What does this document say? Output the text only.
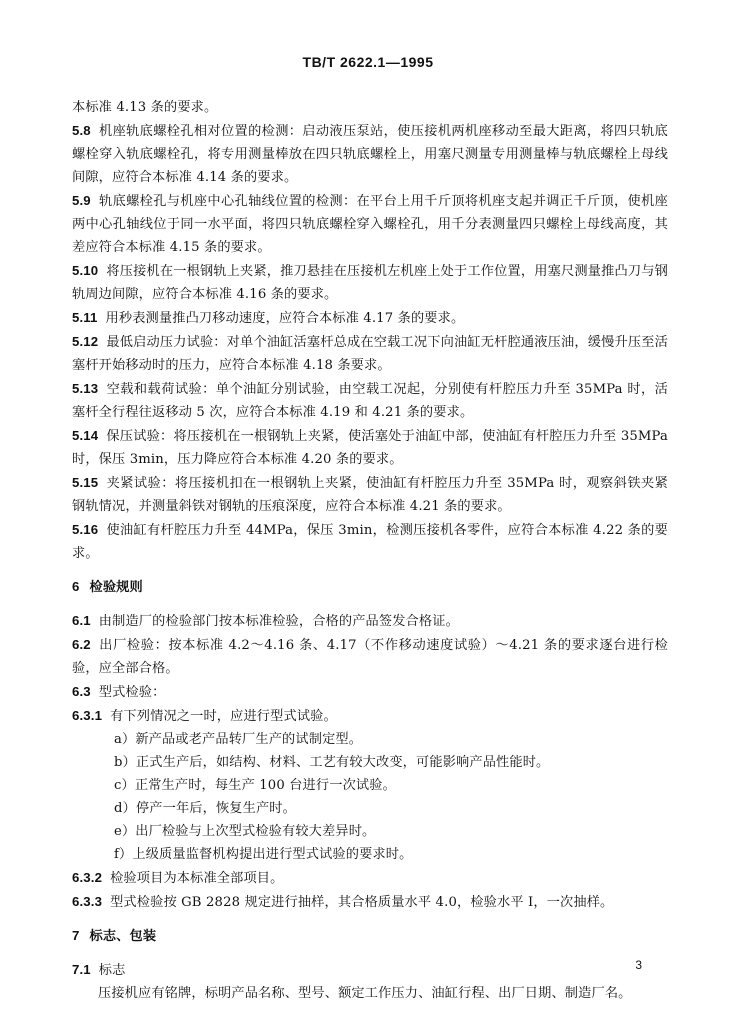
TB/T 2622.1—1995

本标准 4.13 条的要求。

5.8 机座轨底螺栓孔相对位置的检测：启动液压泵站，使压接机两机座移动至最大距离，将四只轨底螺栓穿入轨底螺栓孔，将专用测量棒放在四只轨底螺栓上，用塞尺测量专用测量棒与轨底螺栓上母线间隙，应符合本标准 4.14 条的要求。

5.9 轨底螺栓孔与机座中心孔轴线位置的检测：在平台上用千斤顶将机座支起并调正千斤顶，使机座两中心孔轴线位于同一水平面，将四只轨底螺栓穿入螺栓孔，用千分表测量四只螺栓上母线高度，其差应符合本标准 4.15 条的要求。

5.10 将压接机在一根钢轨上夹紧，推刀悬挂在压接机左机座上处于工作位置，用塞尺测量推凸刀与钢轨周边间隙，应符合本标准 4.16 条的要求。

5.11 用秒表测量推凸刀移动速度，应符合本标准 4.17 条的要求。

5.12 最低启动压力试验：对单个油缸活塞杆总成在空载工况下向油缸无杆腔通液压油，缓慢升压至活塞杆开始移动时的压力，应符合本标准 4.18 条要求。

5.13 空载和载荷试验：单个油缸分别试验，由空载工况起，分别使有杆腔压力升至 35MPa 时，活塞杆全行程往返移动 5 次，应符合本标准 4.19 和 4.21 条的要求。

5.14 保压试验：将压接机在一根钢轨上夹紧，使活塞处于油缸中部，使油缸有杆腔压力升至 35MPa 时，保压 3min，压力降应符合本标准 4.20 条的要求。

5.15 夹紧试验：将压接机扣在一根钢轨上夹紧，使油缸有杆腔压力升至 35MPa 时，观察斜铁夹紧钢轨情况，并测量斜铁对钢轨的压痕深度，应符合本标准 4.21 条的要求。

5.16 使油缸有杆腔压力升至 44MPa，保压 3min，检测压接机各零件，应符合本标准 4.22 条的要求。

6 检验规则

6.1 由制造厂的检验部门按本标准检验，合格的产品签发合格证。

6.2 出厂检验：按本标准 4.2～4.16 条、4.17（不作移动速度试验）～4.21 条的要求逐台进行检验，应全部合格。

6.3 型式检验：

6.3.1 有下列情况之一时，应进行型式试验。

a）新产品或老产品转厂生产的试制定型。

b）正式生产后，如结构、材料、工艺有较大改变，可能影响产品性能时。

c）正常生产时，每生产 100 台进行一次试验。

d）停产一年后，恢复生产时。

e）出厂检验与上次型式检验有较大差异时。

f）上级质量监督机构提出进行型式试验的要求时。

6.3.2 检验项目为本标准全部项目。

6.3.3 型式检验按 GB 2828 规定进行抽样，其合格质量水平 4.0，检验水平 Ⅰ，一次抽样。

7 标志、包装

7.1 标志

压接机应有铭牌，标明产品名称、型号、额定工作压力、油缸行程、出厂日期、制造厂名。

3
